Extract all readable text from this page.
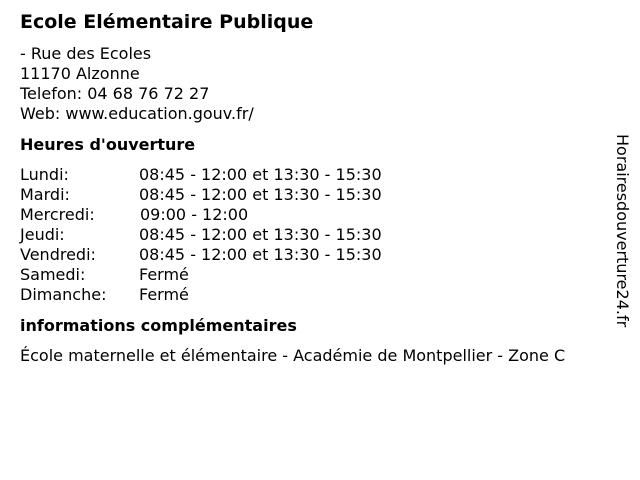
Ecole Elémentaire Publique
- Rue des Ecoles
11170 Alzonne
Telefon: 04 68 76 72 27
Web: www.education.gouv.fr/
Heures d'ouverture
Lundi:	08:45 - 12:00 et 13:30 - 15:30
Mardi:	08:45 - 12:00 et 13:30 - 15:30
Mercredi:	09:00 - 12:00
Jeudi:	08:45 - 12:00 et 13:30 - 15:30
Vendredi:	08:45 - 12:00 et 13:30 - 15:30
Samedi:	Fermé
Dimanche: Fermé
informations complémentaires
École maternelle et élémentaire - Académie de Montpellier - Zone C
Horairesdouverture24.fr
